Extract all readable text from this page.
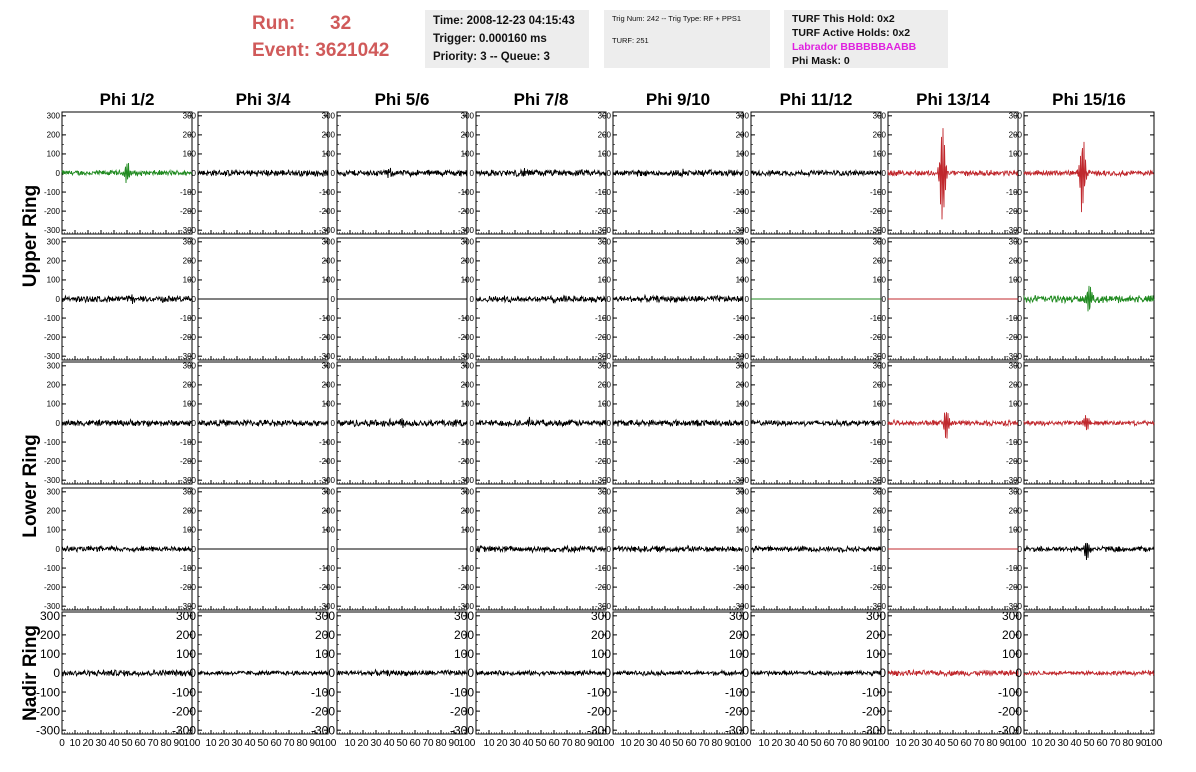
Run: 32
Event: 3621042
Time: 2008-12-23 04:15:43
Trigger: 0.000160 ms
Priority: 3 -- Queue: 3
Trig Num: 242 -- Trig Type: RF + PPS1
TURF: 251
TURF This Hold: 0x2
TURF Active Holds: 0x2
Labrador BBBBBBAABB
Phi Mask: 0
Phi 1/2	Phi 3/4	Phi 5/6	Phi 7/8	Phi 9/10	Phi 11/12	Phi 13/14	Phi 15/16
Upper Ring
Lower Ring
Nadir Ring
-300
-200
-100
0
100
200
300
-300
-200
-100
0
100
200
300
-300
-200
-100
0
100
200
300
-300
-200
-100
0
100
200
300
-300
-200
-100
0
100
200
300
-300
-200
-100
0
100
200
300
-300
-200
-100
0
100
200
300
-300
-200
-100
0
100
200
300
-300
-200
-100
0
100
200
300
-300
-200
-100
0
100
200
300
-300
-200
-100
0
100
200
300
-300
-200
-100
0
100
200
300
-300
-200
-100
0
100
200
300
-300
-200
-100
0
100
200
300
-300
-200
-100
0
100
200
300
-300
-200
-100
0
100
200
300
-300
-200
-100
0
100
200
300
-300
-200
-100
0
100
200
300
-300
-200
-100
0
100
200
300
-300
-200
-100
0
100
200
300
-300
-200
-100
0
100
200
300
-300
-200
-100
0
100
200
300
-300
-200
-100
0
100
200
300
-300
-200
-100
0
100
200
300
-300
-200
-100
0
100
200
300
-300
-200
-100
0
100
200
300
-300
-200
-100
0
100
200
300
-300
-200
-100
0
100
200
300
-300
-200
-100
0
100
200
300
-300
-200
-100
0
100
200
300
-300
-200
-100
0
100
200
300
-300
-200
-100
0
100
200
300
-300
-200
-100
0
100
200
300
0 10 20 30 40 50 60 70 80 90 100
-300
-200
-100
0
100
200
300
10 20 30 40 50 60 70 80 90 100
-300
-200
-100
0
100
200
300
10 20 30 40 50 60 70 80 90 100
-300
-200
-100
0
100
200
300
10 20 30 40 50 60 70 80 90 100
-300
-200
-100
0
100
200
300
10 20 30 40 50 60 70 80 90 100
-300
-200
-100
0
100
200
300
10 20 30 40 50 60 70 80 90 100
-300
-200
-100
0
100
200
300
10 20 30 40 50 60 70 80 90 100
-300
-200
-100
0
100
200
300
10 20 30 40 50 60 70 80 90 100
